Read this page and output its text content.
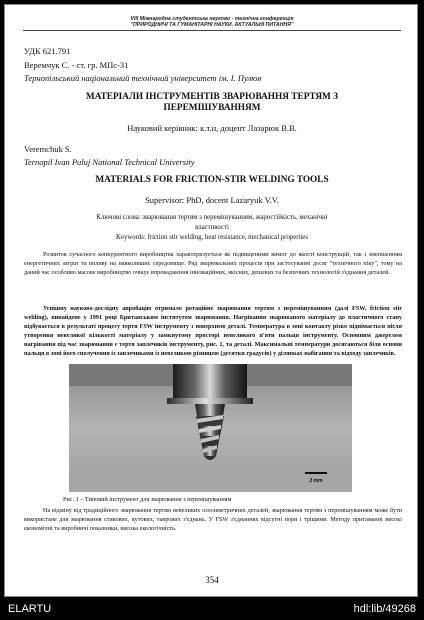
VIII Міжнародна студентська науково - технічна конференція
"ПРИРОДНИЧІ ТА ГУМАНІТАРНІ НАУКИ. АКТУАЛЬНІ ПИТАННЯ"
УДК 621.791
Веремчук С. - ст. гр. МПс-31
Тернопільський національний технічний університет ім. І. Пулюя
МАТЕРІАЛИ ІНСТРУМЕНТІВ ЗВАРЮВАННЯ ТЕРТЯМ З
ПЕРЕМІШУВАННЯМ
Науковий керівник: к.т.н, доцент Лазарюк В.В.
Veremchuk S.
Ternopil Ivan Puluj National Technical University
MATERIALS FOR FRICTION-STIR WELDING TOOLS
Supervisor: PhD, docent Lazaryuk V.V.
Ключові слова: зварювання тертям з перемішуванням, жаростійкість, механічні
властивості
Keywords: friction stir welding, heat resistance, mechanical properties
Розвиток сучасного конкурентного виробництва характеризується як підвищеними вимог до якості конструкцій, так і зменшенням енергетичних затрат та впливу на навколишнє середовище. Ряд зварювальних процесів при застосуванні досяг "технічного піку", тому на даний час особливо масове виробництво очікує впровадження інноваційних, якісних, дешевих та безпечних технологій з'єднання деталей.
Успішну науково-дослідну апробацію отримало ротаційне зварювання тертям з перемішуванням (далі FSW, friction stir welding), винайдене у 1991 році Британським інститутом зварювання. Нагрівання зварюваного матеріалу до пластичного стану відбувається в результаті процесу тертя FSW інструменту з поверхнею деталі. Температура в зоні контакту різко піднімається після утворення невеликої кількості матеріалу у замкнутому просторі невеликого п'яти пальця інструменту. Основним джерелом нагрівання під час зварювання є тертя заплечиків інструменту, рис. 1, та деталі. Максимальні температури досягаються біля основи пальця в зоні його сполучення із заплечиками із невеликою різницею (десятки градусів) у ділянках набігання та відходу заплечиків.
2 mm
Рис. 1 – Типовий інструмент для зварювання з перемішуванням
На відміну від традиційного зварювання тертям невеликих осесиметричних деталей, зварювання тертям з перемішуванням може бути використане для зварювання стикових, кутових, таврових з'єднань. У FSW з'єднаннях відсутні пори і тріщини. Методу притаманні високі економічні та виробничі показники, висока екологічність.
354
ELARTU	hdl:lib/49268
